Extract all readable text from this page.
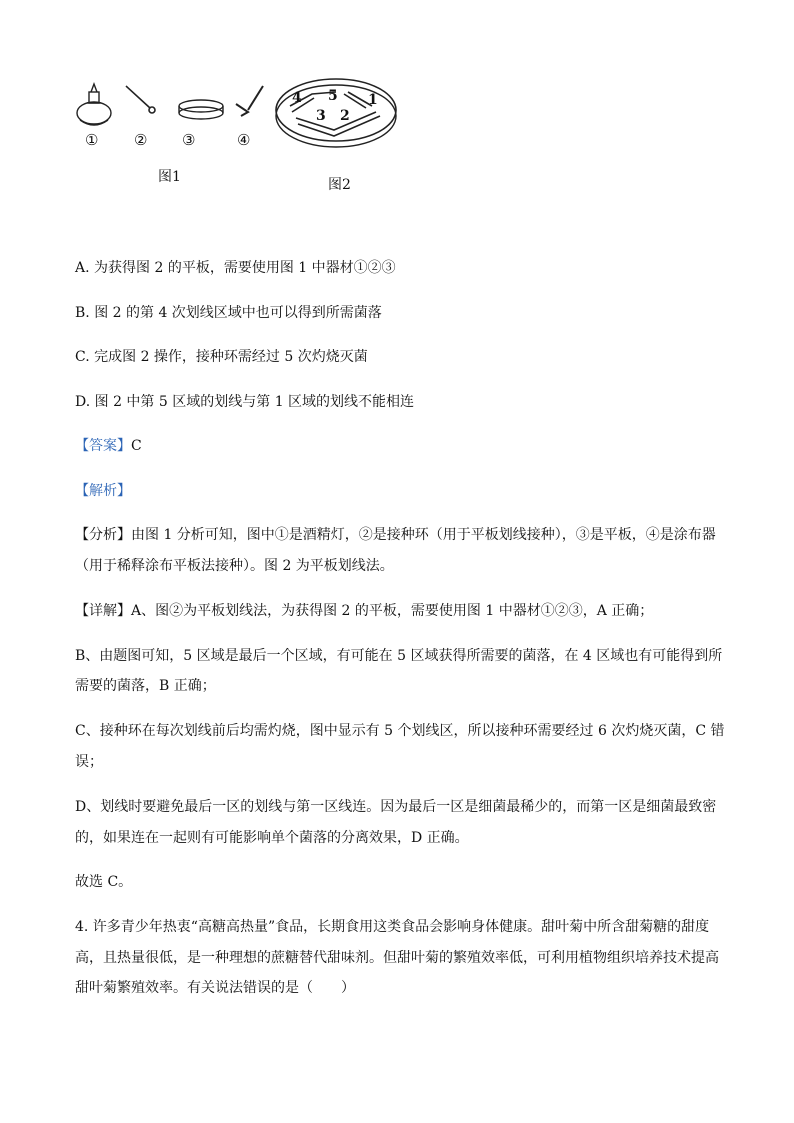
① ② ③	④
图1
4 5 1
3 2
图2
A. 为获得图 2 的平板，需要使用图 1 中器材①②③
B. 图 2 的第 4 次划线区域中也可以得到所需菌落
C. 完成图 2 操作，接种环需经过 5 次灼烧灭菌
D. 图 2 中第 5 区域的划线与第 1 区域的划线不能相连
【答案】C
【解析】
【分析】由图 1 分析可知，图中①是酒精灯，②是接种环（用于平板划线接种），③是平板，④是涂布器
（用于稀释涂布平板法接种）。图 2 为平板划线法。
【详解】A、图②为平板划线法，为获得图 2 的平板，需要使用图 1 中器材①②③，A 正确；
B、由题图可知，5 区域是最后一个区域，有可能在 5 区域获得所需要的菌落，在 4 区域也有可能得到所
需要的菌落，B 正确；
C、接种环在每次划线前后均需灼烧，图中显示有 5 个划线区，所以接种环需要经过 6 次灼烧灭菌，C 错
误；
D、划线时要避免最后一区的划线与第一区线连。因为最后一区是细菌最稀少的，而第一区是细菌最致密
的，如果连在一起则有可能影响单个菌落的分离效果，D 正确。
故选 C。
4. 许多青少年热衷“高糖高热量”食品，长期食用这类食品会影响身体健康。甜叶菊中所含甜菊糖的甜度
高，且热量很低，是一种理想的蔗糖替代甜味剂。但甜叶菊的繁殖效率低，可利用植物组织培养技术提高
甜叶菊繁殖效率。有关说法错误的是（　　）
